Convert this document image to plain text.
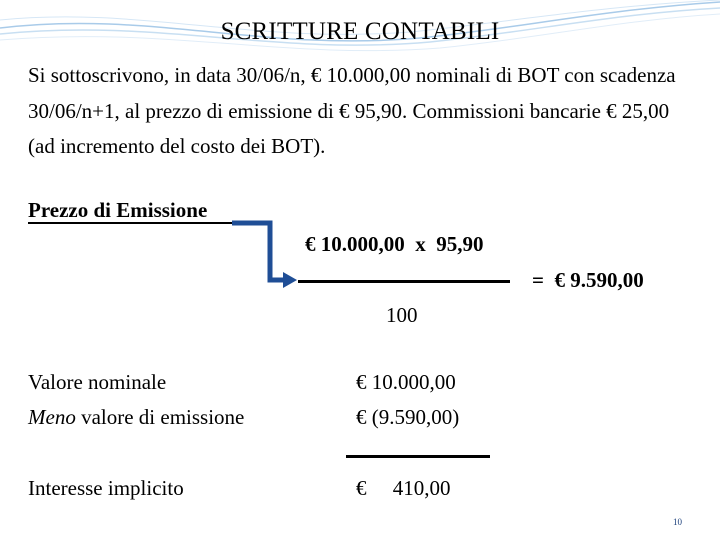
SCRITTURE CONTABILI
Si sottoscrivono, in data 30/06/n, € 10.000,00 nominali di BOT con scadenza 30/06/n+1, al prezzo di emissione di € 95,90. Commissioni bancarie € 25,00 (ad incremento del costo dei BOT).
Prezzo di Emissione
€ 10.000,00  x  95,90
=  € 9.590,00
100
Valore nominale	€ 10.000,00
Meno valore di emissione	€ (9.590,00)
Interesse implicito	€     410,00
10
